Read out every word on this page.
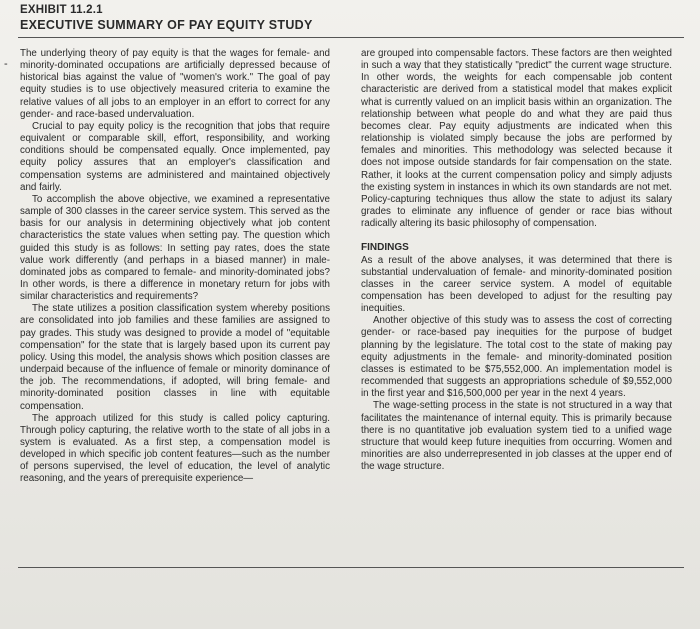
EXHIBIT 11.2.1
EXECUTIVE SUMMARY OF PAY EQUITY STUDY
-

The underlying theory of pay equity is that the wages for female- and minority-dominated occupations are artificially depressed because of historical bias against the value of "women's work." The goal of pay equity studies is to use objectively measured criteria to examine the relative values of all jobs to an employer in an effort to correct for any gender- and race-based undervaluation.

Crucial to pay equity policy is the recognition that jobs that require equivalent or comparable skill, effort, responsibility, and working conditions should be compensated equally. Once implemented, pay equity policy assures that an employer's classification and compensation systems are administered and maintained objectively and fairly.

To accomplish the above objective, we examined a representative sample of 300 classes in the career service system. This served as the basis for our analysis in determining objectively what job content characteristics the state values when setting pay. The question which guided this study is as follows: In setting pay rates, does the state value work differently (and perhaps in a biased manner) in male-dominated jobs as compared to female- and minority-dominated jobs? In other words, is there a difference in monetary return for jobs with similar characteristics and requirements?

The state utilizes a position classification system whereby positions are consolidated into job families and these families are assigned to pay grades. This study was designed to provide a model of "equitable compensation" for the state that is largely based upon its current pay policy. Using this model, the analysis shows which position classes are underpaid because of the influence of female or minority dominance of the job. The recommendations, if adopted, will bring female- and minority-dominated position classes in line with equitable compensation.

The approach utilized for this study is called policy capturing. Through policy capturing, the relative worth to the state of all jobs in a system is evaluated. As a first step, a compensation model is developed in which specific job content features—such as the number of persons supervised, the level of education, the level of analytic reasoning, and the years of prerequisite experience—

are grouped into compensable factors. These factors are then weighted in such a way that they statistically "predict" the current wage structure. In other words, the weights for each compensable job content characteristic are derived from a statistical model that makes explicit what is currently valued on an implicit basis within an organization. The relationship between what people do and what they are paid thus becomes clear. Pay equity adjustments are indicated when this relationship is violated simply because the jobs are performed by females and minorities. This methodology was selected because it does not impose outside standards for fair compensation on the state. Rather, it looks at the current compensation policy and simply adjusts the existing system in instances in which its own standards are not met. Policy-capturing techniques thus allow the state to adjust its salary grades to eliminate any influence of gender or race bias without radically altering its basic philosophy of compensation.

FINDINGS

As a result of the above analyses, it was determined that there is substantial undervaluation of female- and minority-dominated position classes in the career service system. A model of equitable compensation has been developed to adjust for the resulting pay inequities.

Another objective of this study was to assess the cost of correcting gender- or race-based pay inequities for the purpose of budget planning by the legislature. The total cost to the state of making pay equity adjustments in the female- and minority-dominated position classes is estimated to be $75,552,000. An implementation model is recommended that suggests an appropriations schedule of $9,552,000 in the first year and $16,500,000 per year in the next 4 years.

The wage-setting process in the state is not structured in a way that facilitates the maintenance of internal equity. This is primarily because there is no quantitative job evaluation system tied to a unified wage structure that would keep future inequities from occurring. Women and minorities are also underrepresented in job classes at the upper end of the wage structure.
